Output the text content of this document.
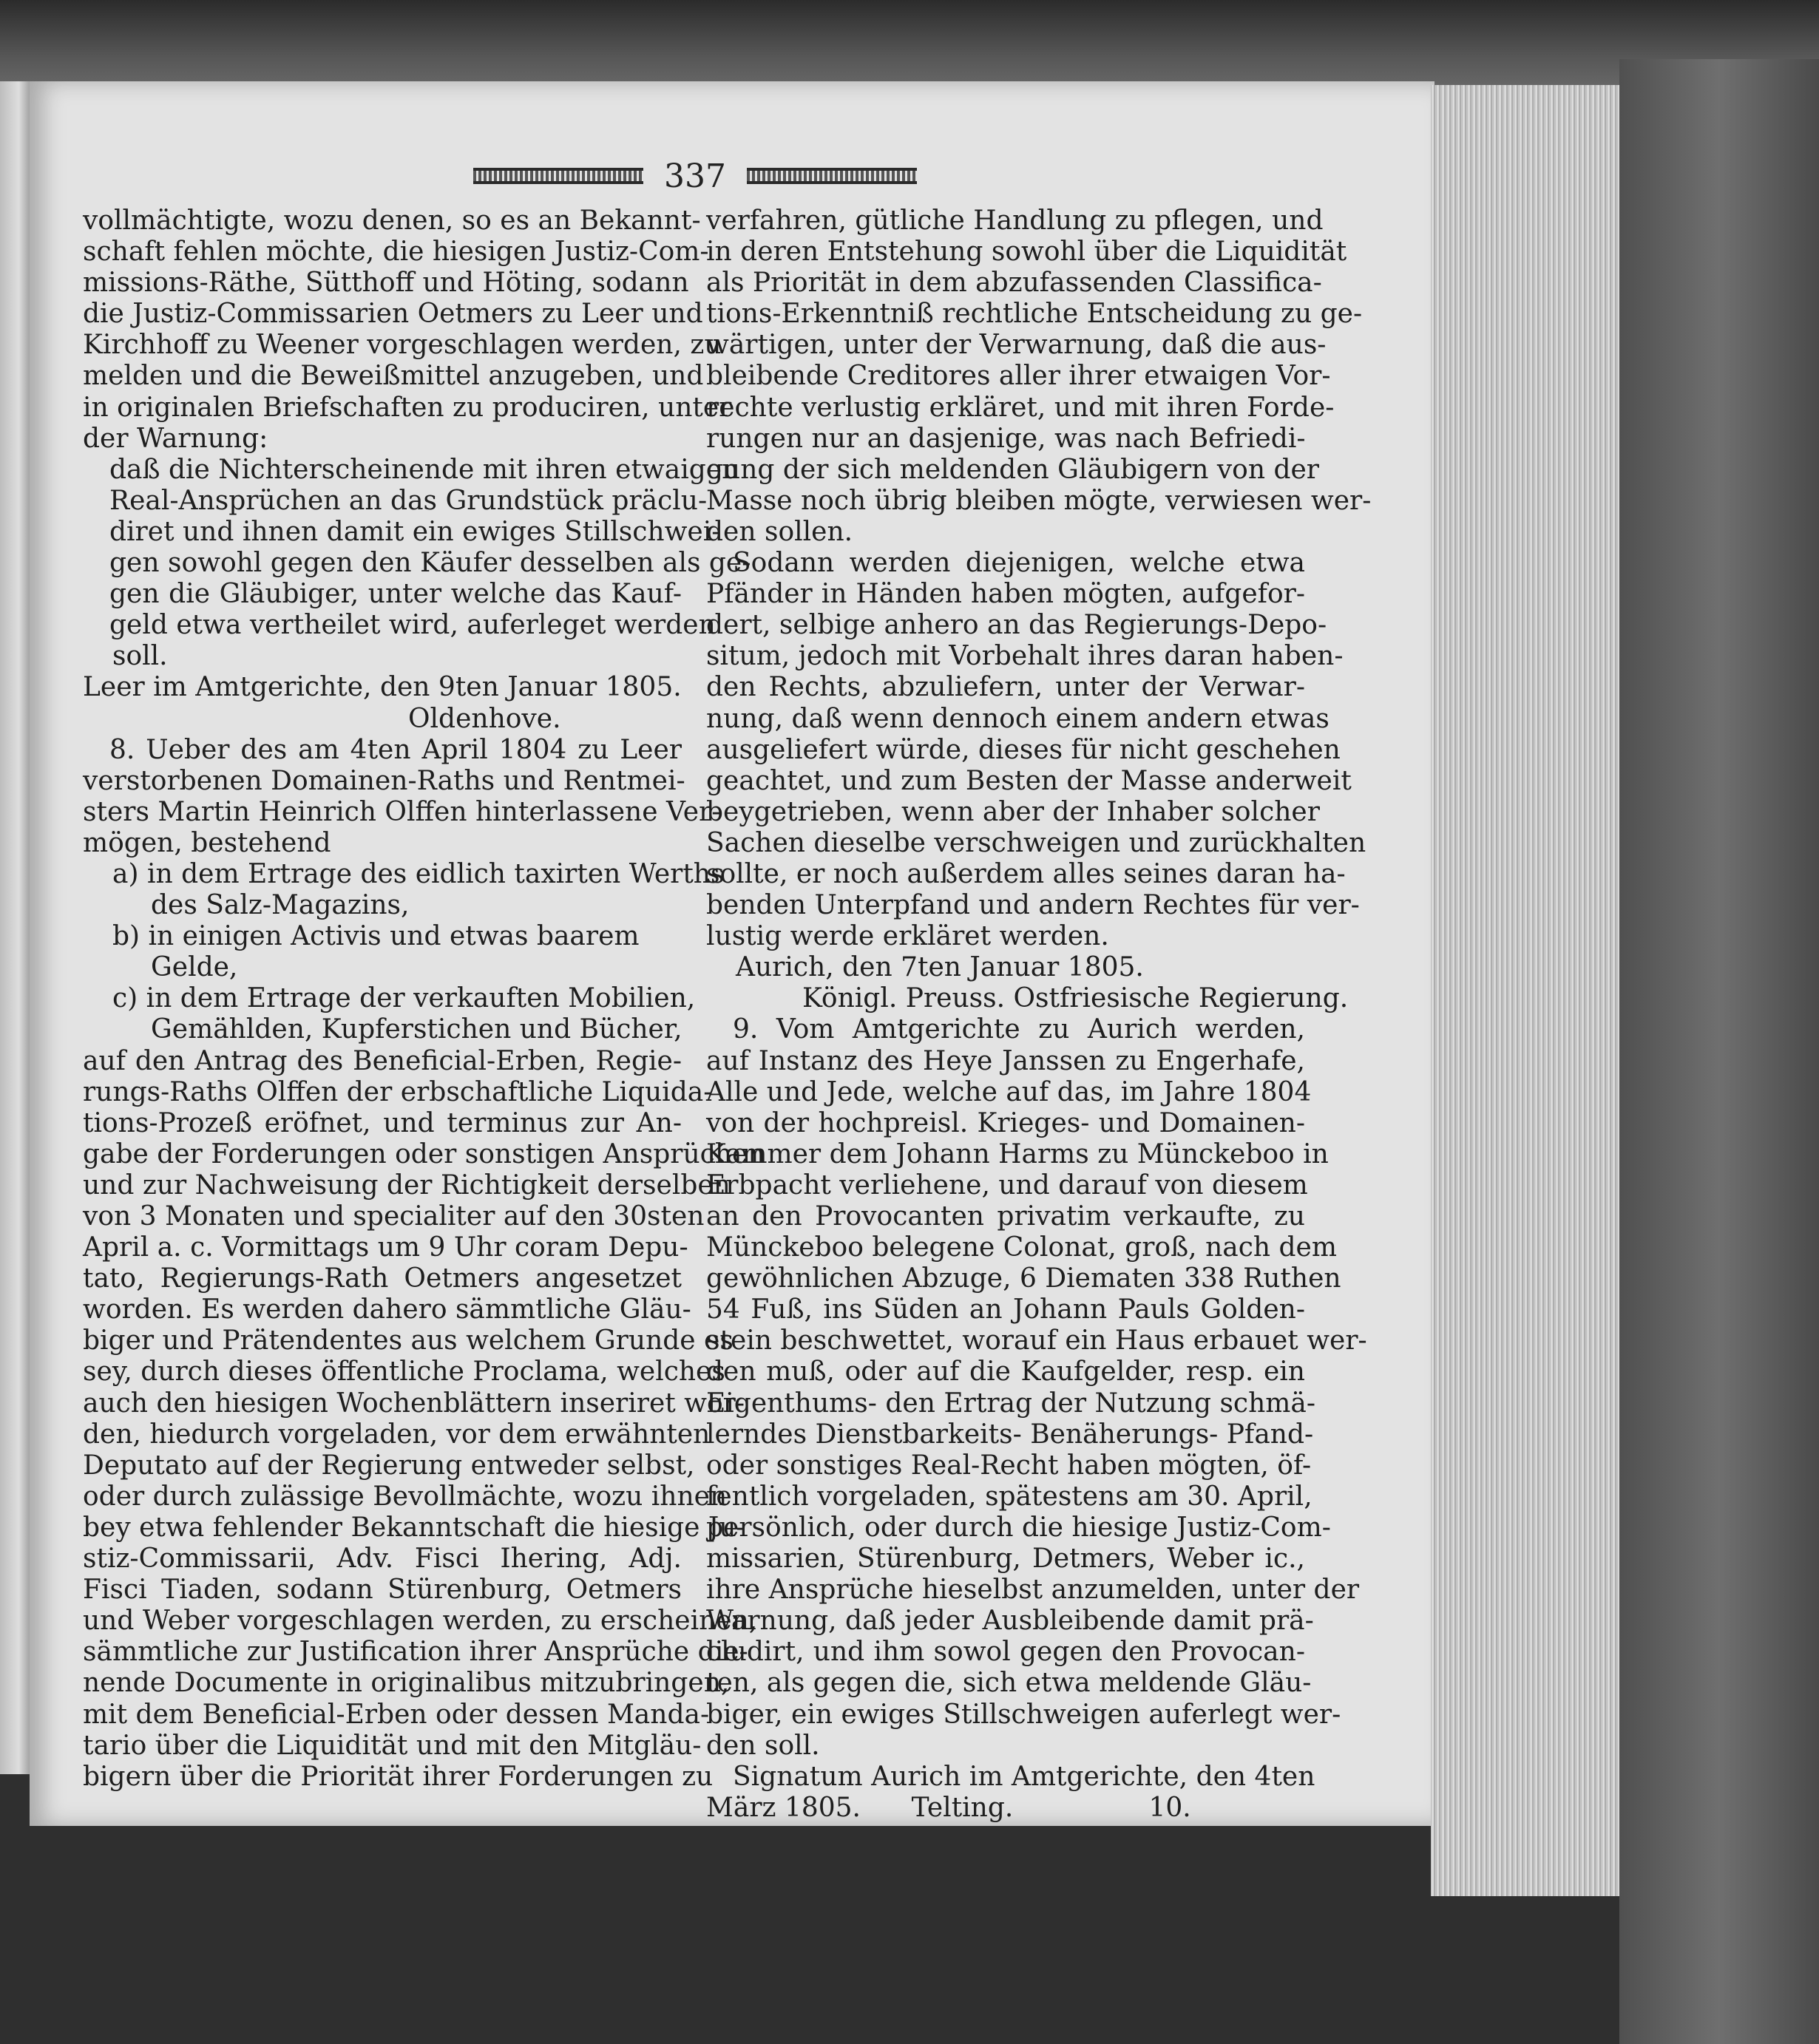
337
vollmächtigte, wozu denen, so es an Bekannt-
schaft fehlen möchte, die hiesigen Justiz-Com-
missions-Räthe, Sütthoff und Höting, sodann
die Justiz-Commissarien Oetmers zu Leer und
Kirchhoff zu Weener vorgeschlagen werden, zu
melden und die Beweißmittel anzugeben, und
in originalen Briefschaften zu produciren, unter
der Warnung:
daß die Nichterscheinende mit ihren etwaigen
Real-Ansprüchen an das Grundstück präclu-
diret und ihnen damit ein ewiges Stillschwei-
gen sowohl gegen den Käufer desselben als ge-
gen die Gläubiger, unter welche das Kauf-
geld etwa vertheilet wird, auferleget werden
soll.
Leer im Amtgerichte, den 9ten Januar 1805.
Oldenhove.
8. Ueber des am 4ten April 1804 zu Leer
verstorbenen Domainen-Raths und Rentmei-
sters Martin Heinrich Olffen hinterlassene Ver-
mögen, bestehend
a) in dem Ertrage des eidlich taxirten Werths
des Salz-Magazins,
b) in einigen Activis und etwas baarem
Gelde,
c) in dem Ertrage der verkauften Mobilien,
Gemählden, Kupferstichen und Bücher,
auf den Antrag des Beneficial-Erben, Regie-
rungs-Raths Olffen der erbschaftliche Liquida-
tions-Prozeß eröfnet, und terminus zur An-
gabe der Forderungen oder sonstigen Ansprüchen
und zur Nachweisung der Richtigkeit derselben
von 3 Monaten und specialiter auf den 30sten
April a. c. Vormittags um 9 Uhr coram Depu-
tato, Regierungs-Rath Oetmers angesetzet
worden. Es werden dahero sämmtliche Gläu-
biger und Prätendentes aus welchem Grunde es
sey, durch dieses öffentliche Proclama, welches
auch den hiesigen Wochenblättern inseriret wor-
den, hiedurch vorgeladen, vor dem erwähnten
Deputato auf der Regierung entweder selbst,
oder durch zulässige Bevollmächte, wozu ihnen
bey etwa fehlender Bekanntschaft die hiesige Ju-
stiz-Commissarii, Adv. Fisci Ihering, Adj.
Fisci Tiaden, sodann Stürenburg, Oetmers
und Weber vorgeschlagen werden, zu erscheinen,
sämmtliche zur Justification ihrer Ansprüche die-
nende Documente in originalibus mitzubringen,
mit dem Beneficial-Erben oder dessen Manda-
tario über die Liquidität und mit den Mitgläu-
bigern über die Priorität ihrer Forderungen zu
verfahren, gütliche Handlung zu pflegen, und
in deren Entstehung sowohl über die Liquidität
als Priorität in dem abzufassenden Classifica-
tions-Erkenntniß rechtliche Entscheidung zu ge-
wärtigen, unter der Verwarnung, daß die aus-
bleibende Creditores aller ihrer etwaigen Vor-
rechte verlustig erkläret, und mit ihren Forde-
rungen nur an dasjenige, was nach Befriedi-
gung der sich meldenden Gläubigern von der
Masse noch übrig bleiben mögte, verwiesen wer-
den sollen.
Sodann werden diejenigen, welche etwa
Pfänder in Händen haben mögten, aufgefor-
dert, selbige anhero an das Regierungs-Depo-
situm, jedoch mit Vorbehalt ihres daran haben-
den Rechts, abzuliefern, unter der Verwar-
nung, daß wenn dennoch einem andern etwas
ausgeliefert würde, dieses für nicht geschehen
geachtet, und zum Besten der Masse anderweit
beygetrieben, wenn aber der Inhaber solcher
Sachen dieselbe verschweigen und zurückhalten
sollte, er noch außerdem alles seines daran ha-
benden Unterpfand und andern Rechtes für ver-
lustig werde erkläret werden.
Aurich, den 7ten Januar 1805.
Königl. Preuss. Ostfriesische Regierung.
9. Vom Amtgerichte zu Aurich werden,
auf Instanz des Heye Janssen zu Engerhafe,
Alle und Jede, welche auf das, im Jahre 1804
von der hochpreisl. Krieges- und Domainen-
Kammer dem Johann Harms zu Münckeboo in
Erbpacht verliehene, und darauf von diesem
an den Provocanten privatim verkaufte, zu
Münckeboo belegene Colonat, groß, nach dem
gewöhnlichen Abzuge, 6 Diematen 338 Ruthen
54 Fuß, ins Süden an Johann Pauls Golden-
stein beschwettet, worauf ein Haus erbauet wer-
den muß, oder auf die Kaufgelder, resp. ein
Eigenthums- den Ertrag der Nutzung schmä-
lerndes Dienstbarkeits- Benäherungs- Pfand-
oder sonstiges Real-Recht haben mögten, öf-
fentlich vorgeladen, spätestens am 30. April,
persönlich, oder durch die hiesige Justiz-Com-
missarien, Stürenburg, Detmers, Weber ic.,
ihre Ansprüche hieselbst anzumelden, unter der
Warnung, daß jeder Ausbleibende damit prä-
cludirt, und ihm sowol gegen den Provocan-
ten, als gegen die, sich etwa meldende Gläu-
biger, ein ewiges Stillschweigen auferlegt wer-
den soll.
Signatum Aurich im Amtgerichte, den 4ten
März 1805.      Telting.                10.
